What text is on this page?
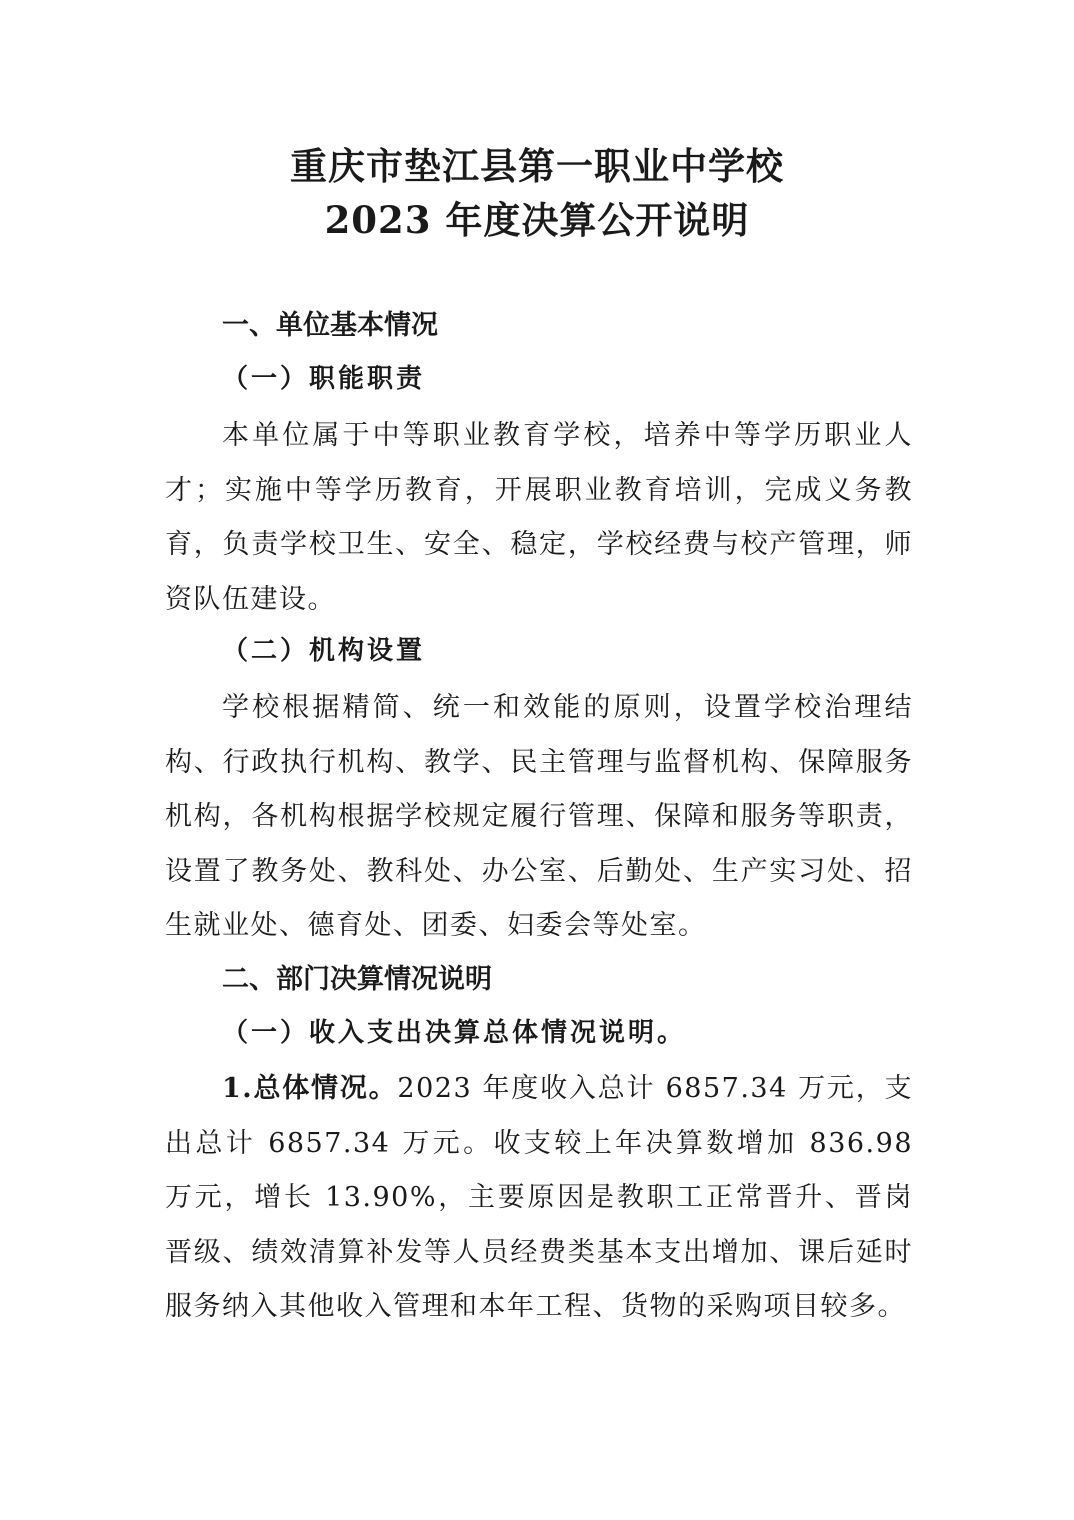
重庆市垫江县第一职业中学校
2023 年度决算公开说明
一、单位基本情况
（一）职能职责

本单位属于中等职业教育学校，培养中等学历职业人才；实施中等学历教育，开展职业教育培训，完成义务教育，负责学校卫生、安全、稳定，学校经费与校产管理，师资队伍建设。

（二）机构设置

学校根据精简、统一和效能的原则，设置学校治理结构、行政执行机构、教学、民主管理与监督机构、保障服务机构，各机构根据学校规定履行管理、保障和服务等职责，设置了教务处、教科处、办公室、后勤处、生产实习处、招生就业处、德育处、团委、妇委会等处室。

二、部门决算情况说明
（一）收入支出决算总体情况说明。

1.总体情况。2023 年度收入总计 6857.34 万元，支出总计 6857.34 万元。收支较上年决算数增加 836.98 万元，增长 13.90%，主要原因是教职工正常晋升、晋岗晋级、绩效清算补发等人员经费类基本支出增加、课后延时服务纳入其他收入管理和本年工程、货物的采购项目较多。
